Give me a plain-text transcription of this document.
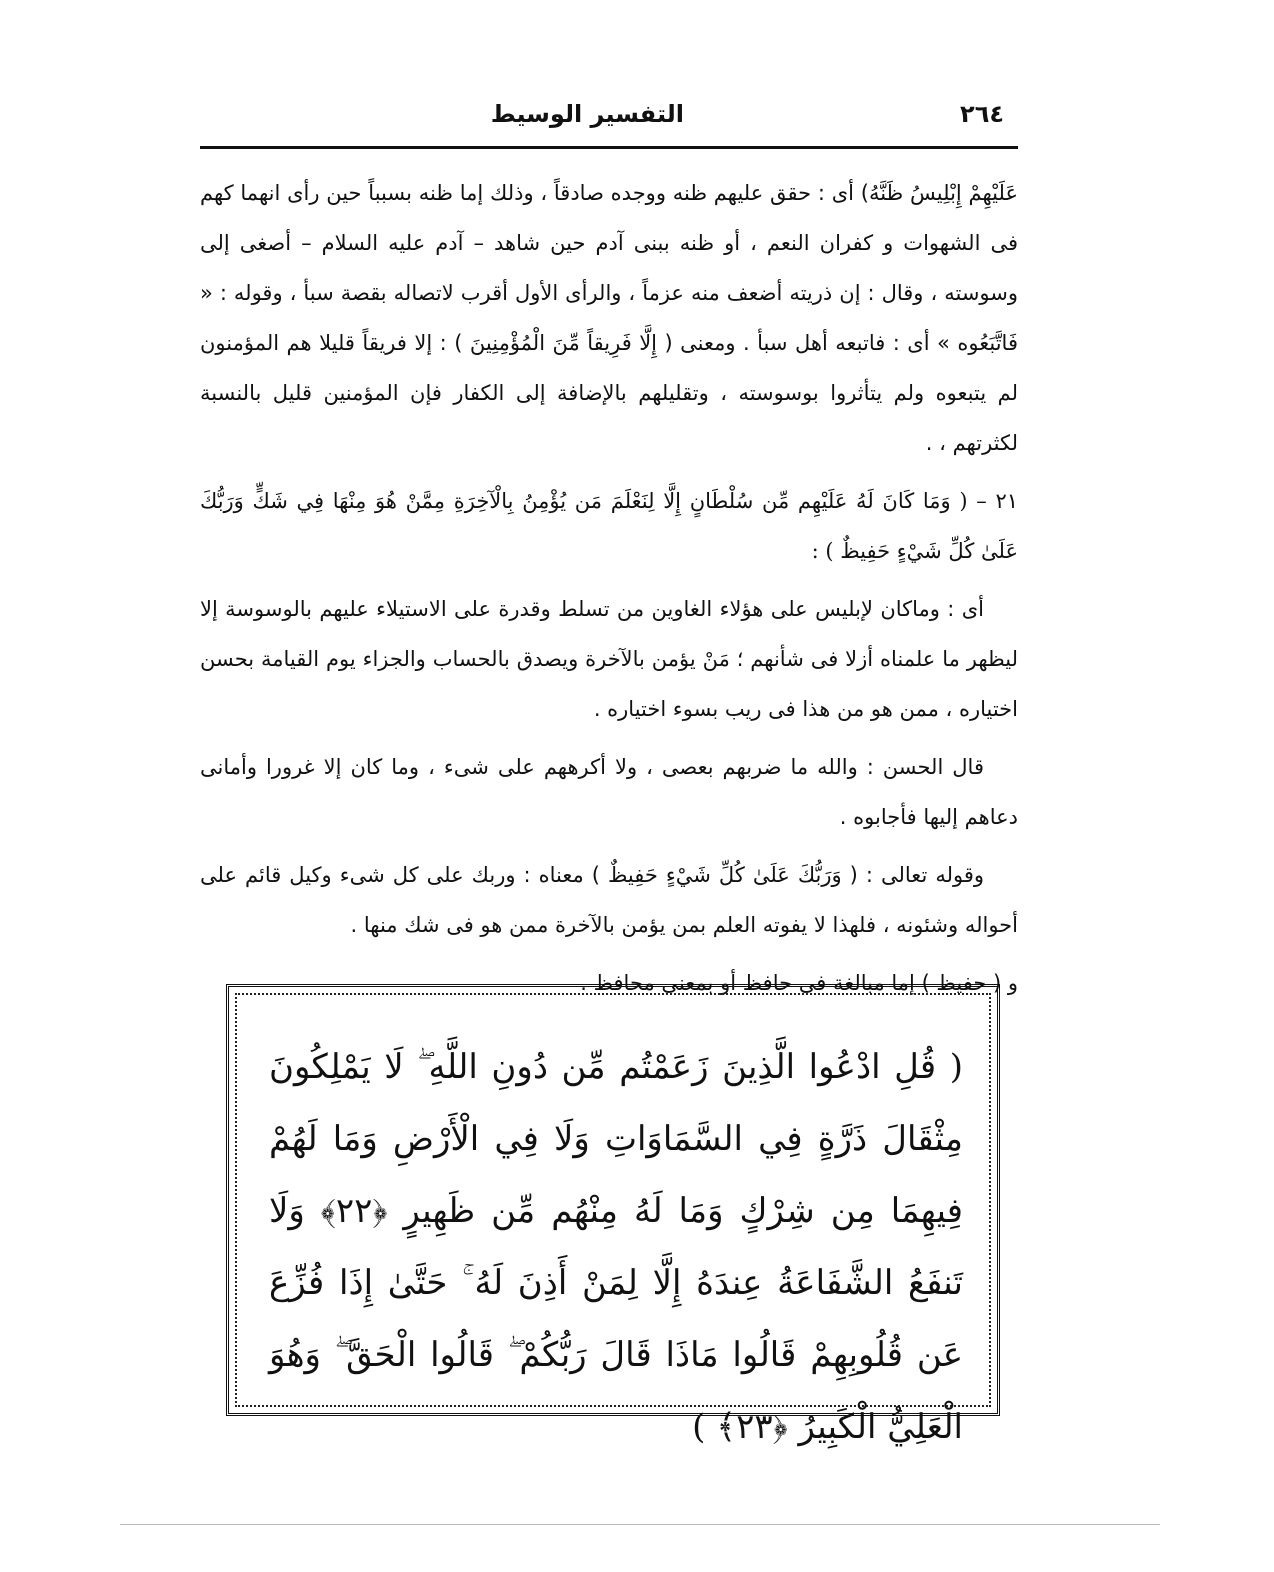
٢٦٤
التفسير الوسيط

عَلَيْهِمْ إِبْلِيسُ ظَنَّهُ) أى : حقق عليهم ظنه ووجده صادقاً ، وذلك إما ظنه بسبباً حين رأى انهما كهم فى الشهوات و كفران النعم ، أو ظنه ببنى آدم حين شاهد – آدم عليه السلام – أصغى إلى وسوسته ، وقال : إن ذريته أضعف منه عزماً ، والرأى الأول أقرب لاتصاله بقصة سبأ ، وقوله : « فَاتَّبَعُوه » أى : فاتبعه أهل سبأ . ومعنى ( إِلَّا فَرِيقاً مِّنَ الْمُؤْمِنِينَ ) : إلا فريقاً قليلا هم المؤمنون لم يتبعوه ولم يتأثروا بوسوسته ، وتقليلهم بالإضافة إلى الكفار فإن المؤمنين قليل بالنسبة لكثرتهم ، .

٢١ – ( وَمَا كَانَ لَهُ عَلَيْهِم مِّن سُلْطَانٍ إِلَّا لِنَعْلَمَ مَن يُؤْمِنُ بِالْآخِرَةِ مِمَّنْ هُوَ مِنْهَا فِي شَكٍّ وَرَبُّكَ عَلَىٰ كُلِّ شَيْءٍ حَفِيظٌ ) :

أى : وماكان لإبليس على هؤلاء الغاوين من تسلط وقدرة على الاستيلاء عليهم بالوسوسة إلا ليظهر ما علمناه أزلا فى شأنهم ؛ مَنْ يؤمن بالآخرة ويصدق بالحساب والجزاء يوم القيامة بحسن اختياره ، ممن هو من هذا فى ريب بسوء اختياره .

قال الحسن : والله ما ضربهم بعصى ، ولا أكرههم على شىء ، وما كان إلا غرورا وأمانى دعاهم إليها فأجابوه .

وقوله تعالى : ( وَرَبُّكَ عَلَىٰ كُلِّ شَيْءٍ حَفِيظٌ ) معناه : وربك على كل شىء وكيل قائم على أحواله وشئونه ، فلهذا لا يفوته العلم بمن يؤمن بالآخرة ممن هو فى شك منها .

و ( حفيظ ) إما مبالغة فى حافظ أو بمعنى محافظ .

( قُلِ ادْعُوا الَّذِينَ زَعَمْتُم مِّن دُونِ اللَّهِ ۖ لَا يَمْلِكُونَ مِثْقَالَ ذَرَّةٍ فِي السَّمَاوَاتِ وَلَا فِي الْأَرْضِ وَمَا لَهُمْ فِيهِمَا مِن شِرْكٍ وَمَا لَهُ مِنْهُم مِّن ظَهِيرٍ ﴿٢٢﴾ وَلَا تَنفَعُ الشَّفَاعَةُ عِندَهُ إِلَّا لِمَنْ أَذِنَ لَهُ ۚ حَتَّىٰ إِذَا فُزِّعَ عَن قُلُوبِهِمْ قَالُوا مَاذَا قَالَ رَبُّكُمْ ۖ قَالُوا الْحَقَّ ۖ وَهُوَ الْعَلِيُّ الْكَبِيرُ ﴿٢٣﴾ )
